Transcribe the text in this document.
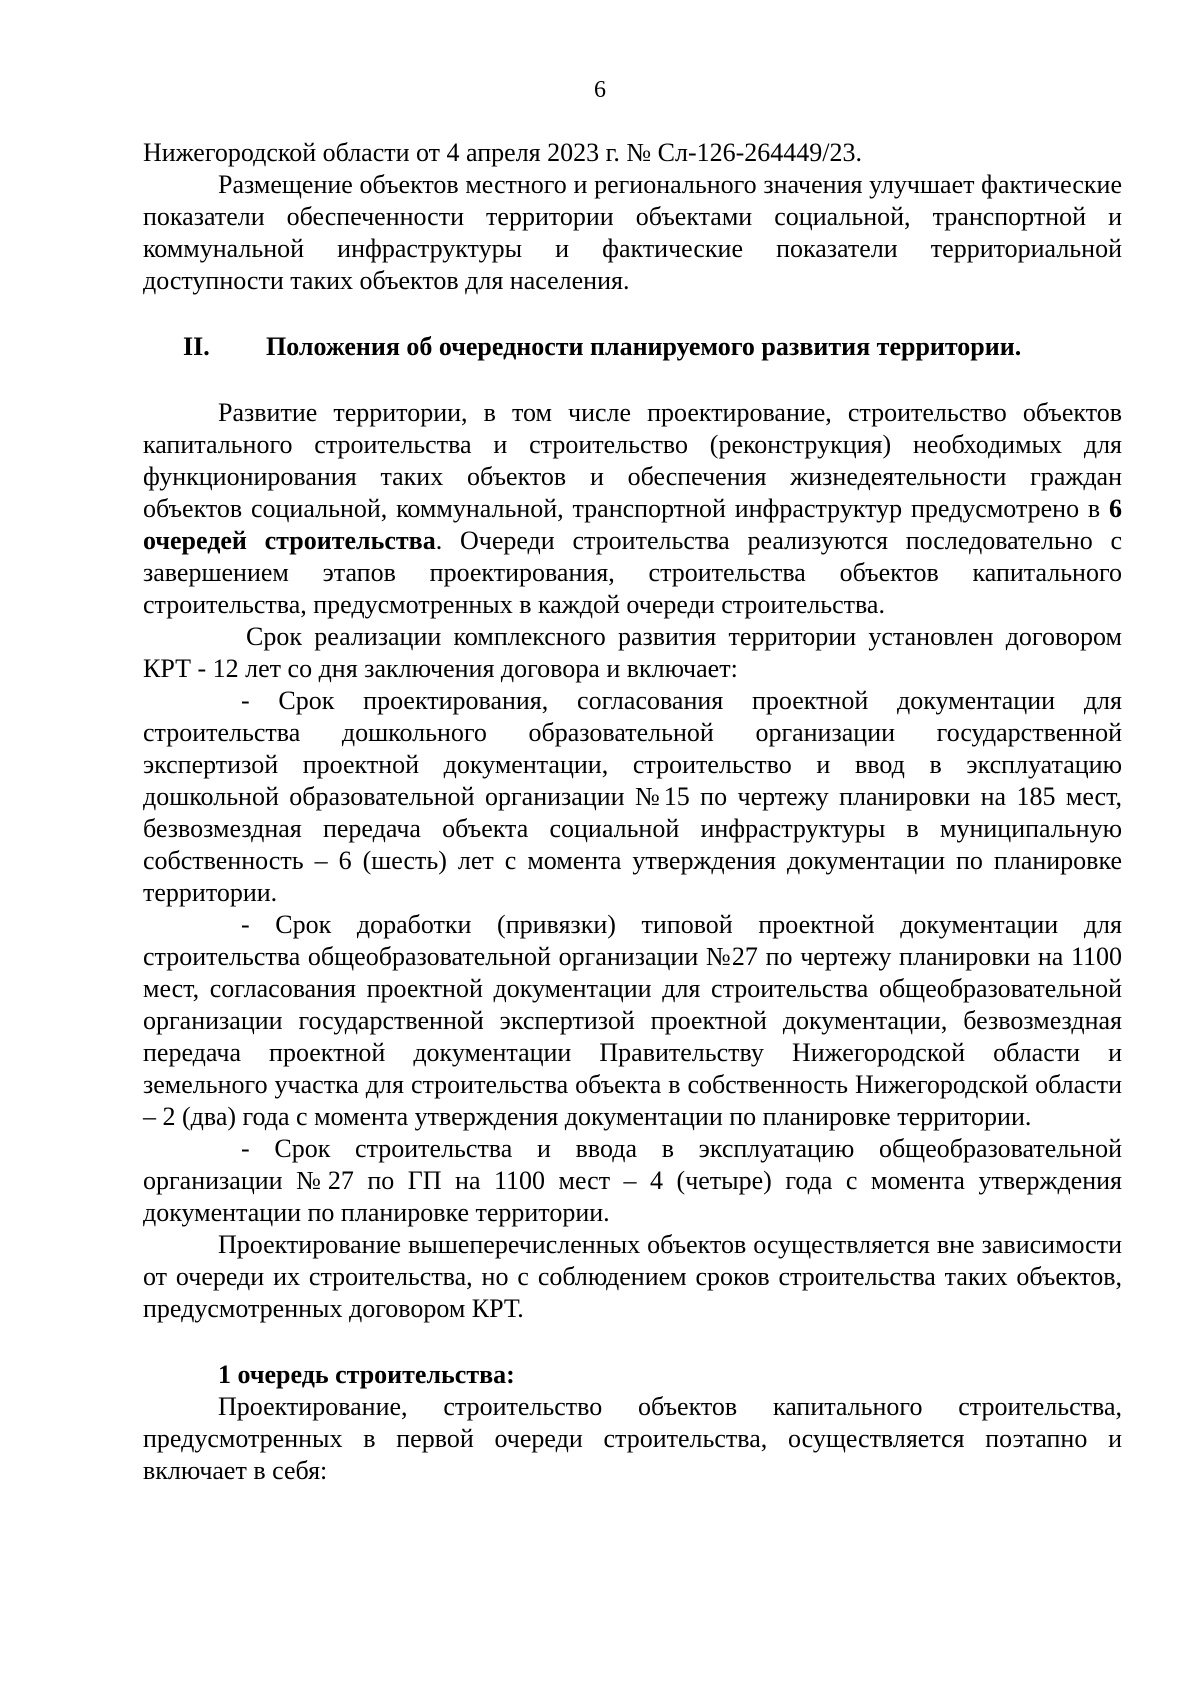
6

Нижегородской области от 4 апреля 2023 г. № Сл-126-264449/23.

Размещение объектов местного и регионального значения улучшает фактические показатели обеспеченности территории объектами социальной, транспортной и коммунальной инфраструктуры и фактические показатели территориальной доступности таких объектов для населения.

II.	Положения об очередности планируемого развития территории.

Развитие территории, в том числе проектирование, строительство объектов капитального строительства и строительство (реконструкция) необходимых для функционирования таких объектов и обеспечения жизнедеятельности граждан объектов социальной, коммунальной, транспортной инфраструктур предусмотрено в 6 очередей строительства. Очереди строительства реализуются последовательно с завершением этапов проектирования, строительства объектов капитального строительства, предусмотренных в каждой очереди строительства.

Срок реализации комплексного развития территории установлен договором КРТ - 12 лет со дня заключения договора и включает:

- Срок проектирования, согласования проектной документации для строительства дошкольного образовательной организации государственной экспертизой проектной документации, строительство и ввод в эксплуатацию дошкольной образовательной организации №15 по чертежу планировки на 185 мест, безвозмездная передача объекта социальной инфраструктуры в муниципальную собственность – 6 (шесть) лет с момента утверждения документации по планировке территории.

- Срок доработки (привязки) типовой проектной документации для строительства общеобразовательной организации №27 по чертежу планировки на 1100 мест, согласования проектной документации для строительства общеобразовательной организации государственной экспертизой проектной документации, безвозмездная передача проектной документации Правительству Нижегородской области и земельного участка для строительства объекта в собственность Нижегородской области – 2 (два) года с момента утверждения документации по планировке территории.

- Срок строительства и ввода в эксплуатацию общеобразовательной организации №27 по ГП на 1100 мест – 4 (четыре) года с момента утверждения документации по планировке территории.

Проектирование вышеперечисленных объектов осуществляется вне зависимости от очереди их строительства, но с соблюдением сроков строительства таких объектов, предусмотренных договором КРТ.

1 очередь строительства:

Проектирование, строительство объектов капитального строительства, предусмотренных в первой очереди строительства, осуществляется поэтапно и включает в себя:
